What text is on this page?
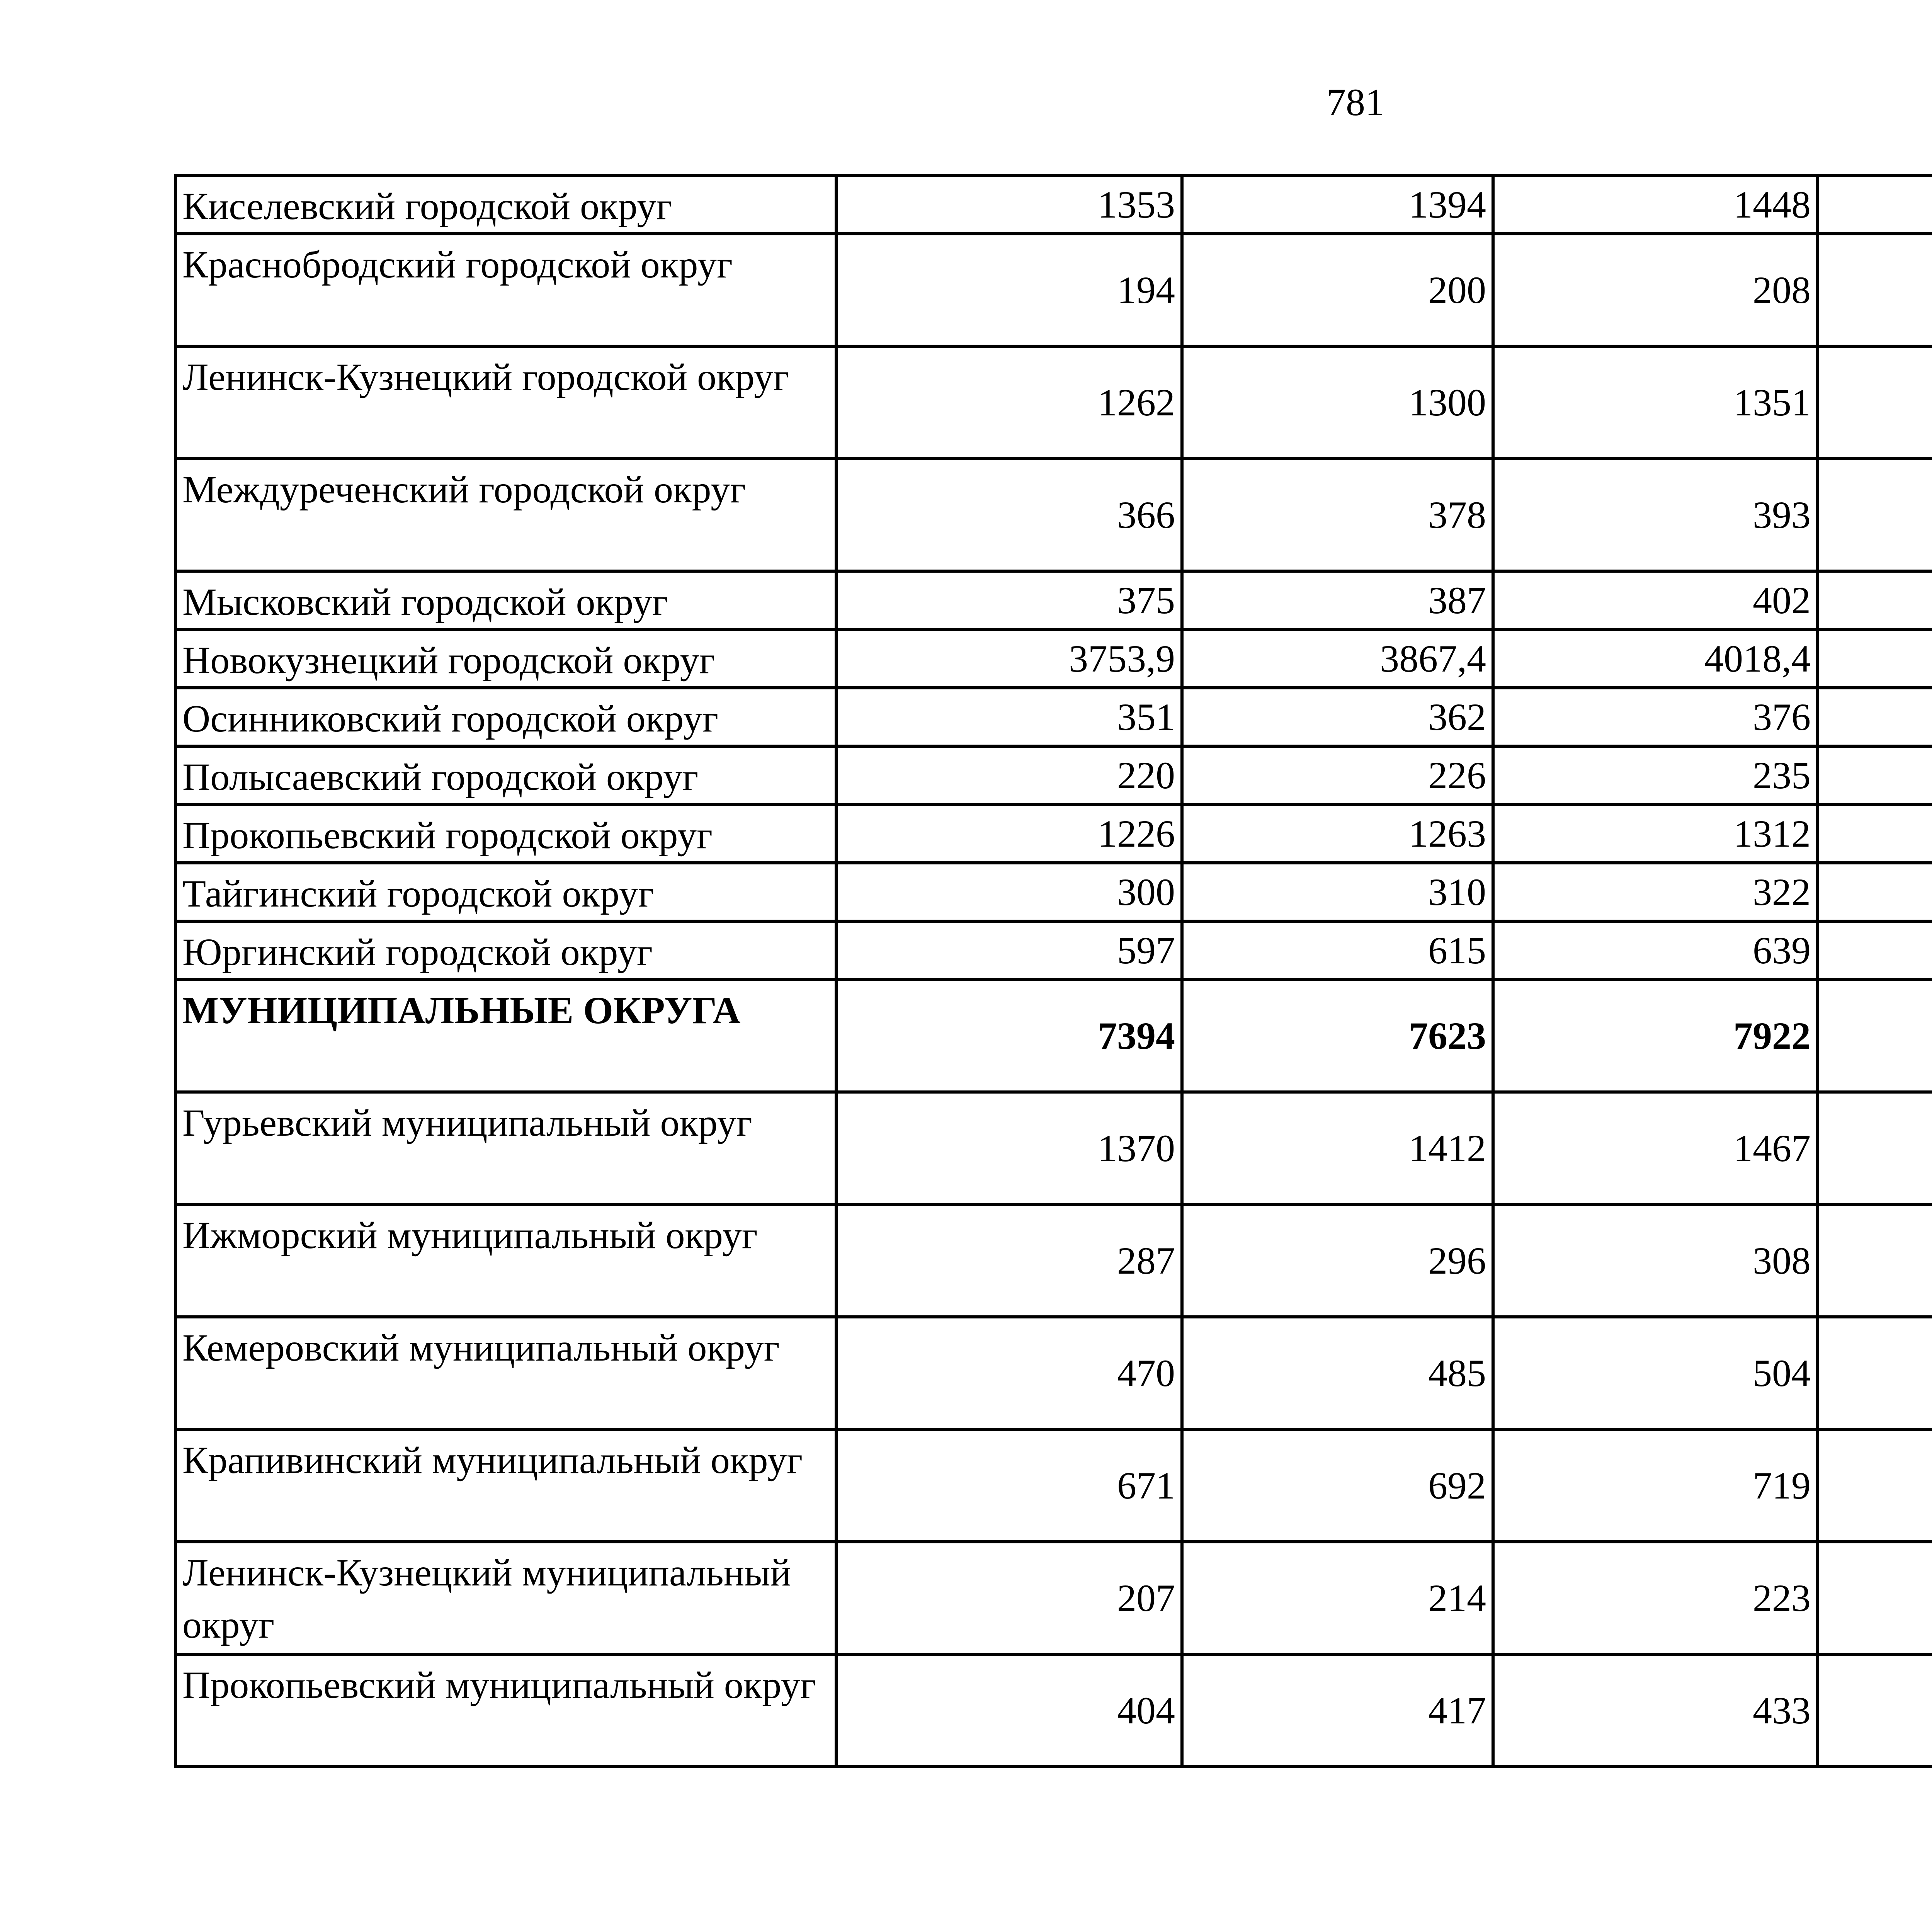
781
Киселевский городской округ	1353	1394	1448			
Краснобродский городской округ	194	200	208			
Ленинск-Кузнецкий городской округ	1262	1300	1351			
Междуреченский городской округ	366	378	393			
Мысковский городской округ	375	387	402			
Новокузнецкий городской округ	3753,9	3867,4	4018,4			
Осинниковский городской округ	351	362	376			
Полысаевский городской округ	220	226	235			
Прокопьевский городской округ	1226	1263	1312			
Тайгинский городской округ	300	310	322			
Юргинский городской округ	597	615	639			
МУНИЦИПАЛЬНЫЕ ОКРУГА	7394	7623	7922			
Гурьевский муниципальный округ	1370	1412	1467			
Ижморский муниципальный округ	287	296	308			
Кемеровский муниципальный округ	470	485	504			
Крапивинский муниципальный округ	671	692	719			
Ленинск-Кузнецкий муниципальный округ	207	214	223			
Прокопьевский муниципальный округ	404	417	433			
